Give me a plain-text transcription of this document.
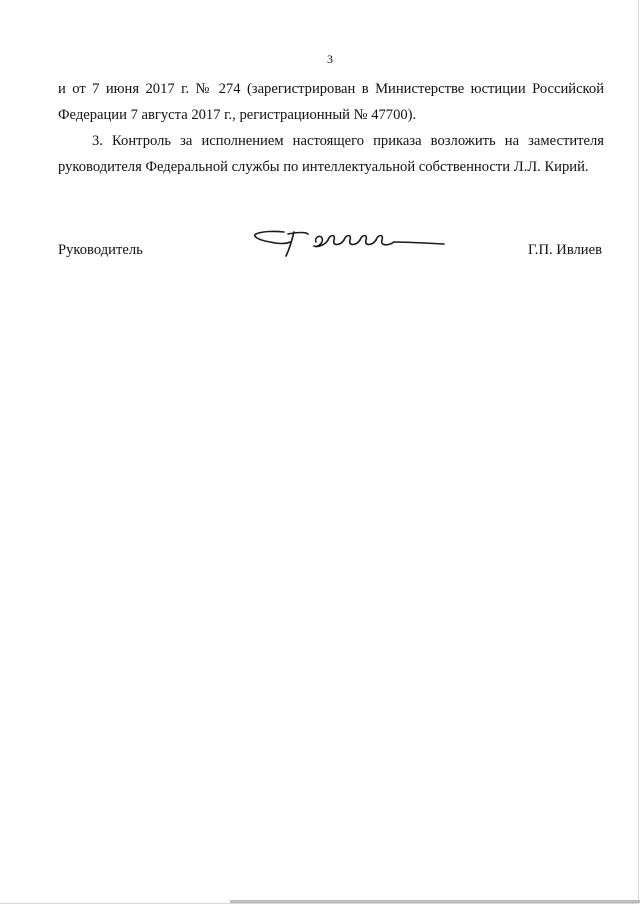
3
и от 7 июня 2017 г. № 274 (зарегистрирован в Министерстве юстиции Российской
Федерации 7 августа 2017 г., регистрационный № 47700).
3. Контроль за исполнением настоящего приказа возложить на заместителя
руководителя Федеральной службы по интеллектуальной собственности Л.Л. Кирий.
Руководитель	Г.П. Ивлиев
